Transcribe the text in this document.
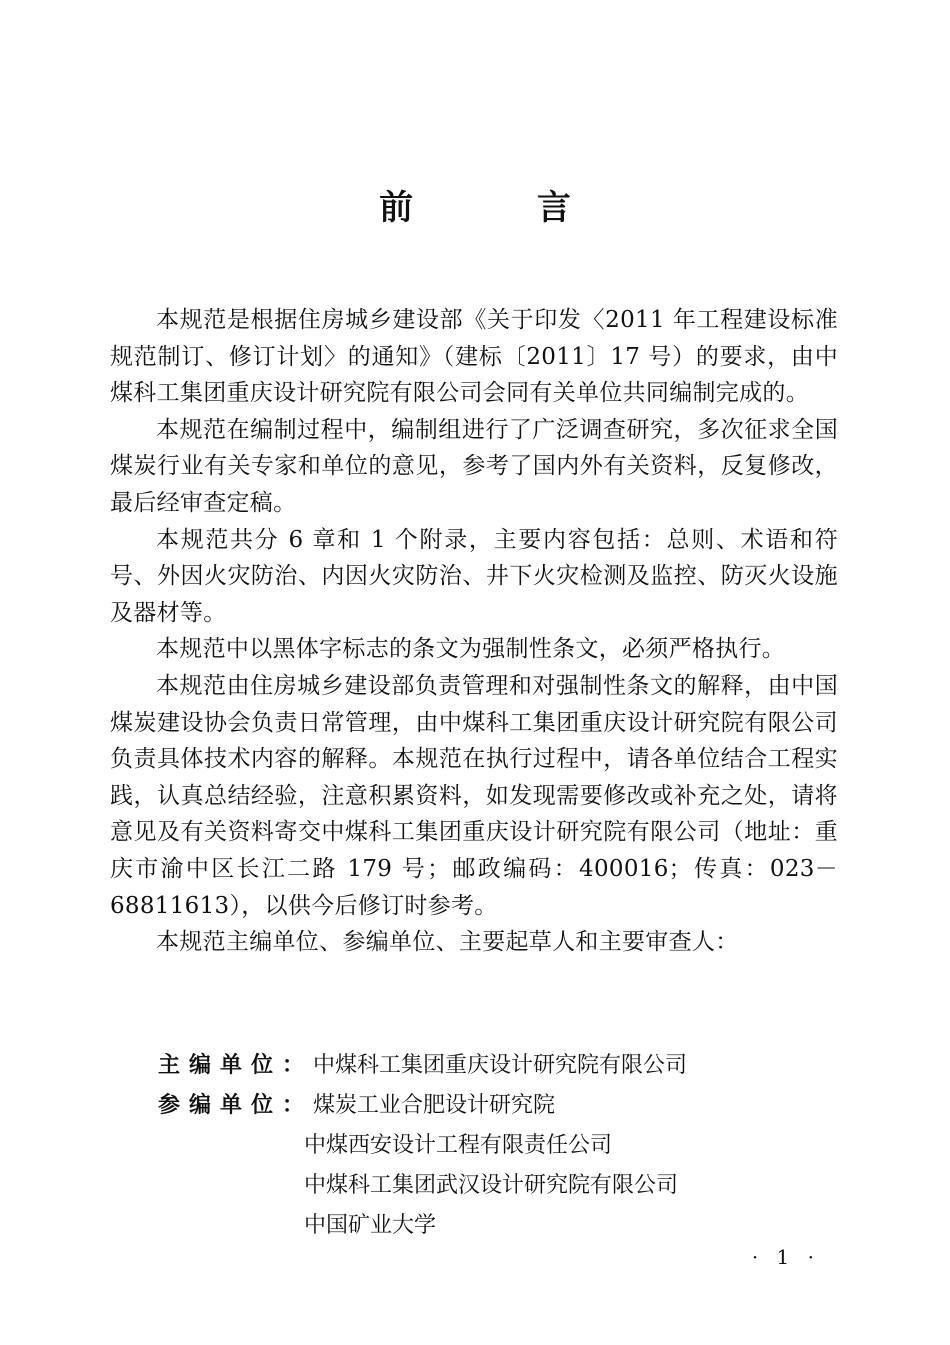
前 言

本规范是根据住房城乡建设部《关于印发〈2011 年工程建设标准规范制订、修订计划〉的通知》（建标〔2011〕17 号）的要求，由中煤科工集团重庆设计研究院有限公司会同有关单位共同编制完成的。

本规范在编制过程中，编制组进行了广泛调查研究，多次征求全国煤炭行业有关专家和单位的意见，参考了国内外有关资料，反复修改，最后经审查定稿。

本规范共分 6 章和 1 个附录，主要内容包括：总则、术语和符号、外因火灾防治、内因火灾防治、井下火灾检测及监控、防灭火设施及器材等。

本规范中以黑体字标志的条文为强制性条文，必须严格执行。

本规范由住房城乡建设部负责管理和对强制性条文的解释，由中国煤炭建设协会负责日常管理，由中煤科工集团重庆设计研究院有限公司负责具体技术内容的解释。本规范在执行过程中，请各单位结合工程实践，认真总结经验，注意积累资料，如发现需要修改或补充之处，请将意见及有关资料寄交中煤科工集团重庆设计研究院有限公司（地址：重庆市渝中区长江二路 179 号；邮政编码：400016；传真：023－68811613），以供今后修订时参考。

本规范主编单位、参编单位、主要起草人和主要审查人：

主编单位：中煤科工集团重庆设计研究院有限公司
参编单位：煤炭工业合肥设计研究院
中煤西安设计工程有限责任公司
中煤科工集团武汉设计研究院有限公司
中国矿业大学
· 1 ·
